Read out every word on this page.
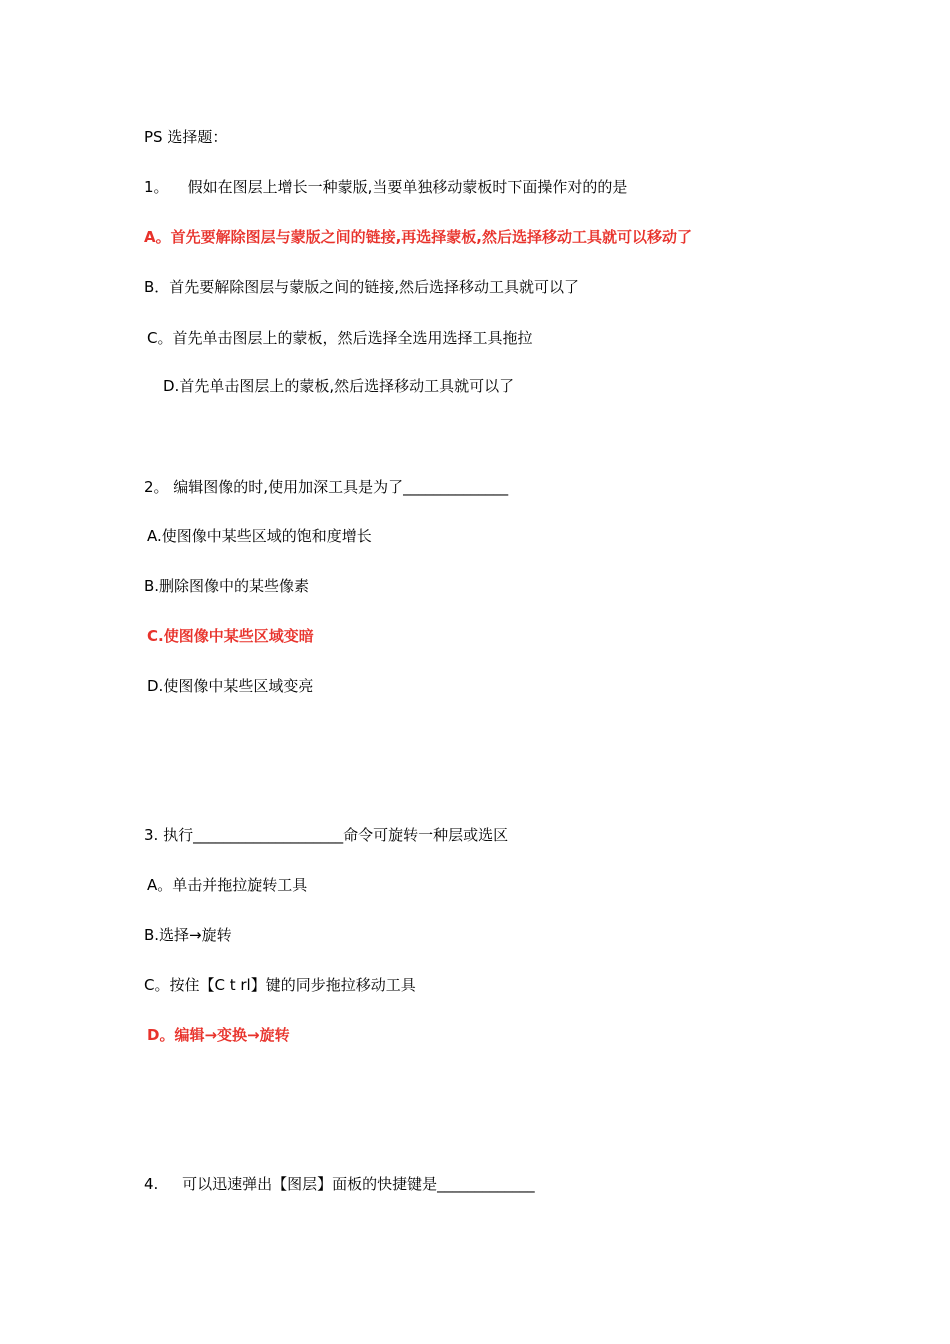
PS 选择题：
1。    假如在图层上增长一种蒙版,当要单独移动蒙板时下面操作对的的是
A。首先要解除图层与蒙版之间的链接,再选择蒙板,然后选择移动工具就可以移动了
B．首先要解除图层与蒙版之间的链接,然后选择移动工具就可以了
C。首先单击图层上的蒙板，然后选择全选用选择工具拖拉
D.首先单击图层上的蒙板,然后选择移动工具就可以了
2。 编辑图像的时,使用加深工具是为了______________
A.使图像中某些区域的饱和度增长
B.删除图像中的某些像素
C.使图像中某些区域变暗
D.使图像中某些区域变亮
3. 执行____________________命令可旋转一种层或选区
A。单击并拖拉旋转工具
B.选择→旋转
C。按住【C t rl】键的同步拖拉移动工具
D。编辑→变换→旋转
4.     可以迅速弹出【图层】面板的快捷键是_____________
